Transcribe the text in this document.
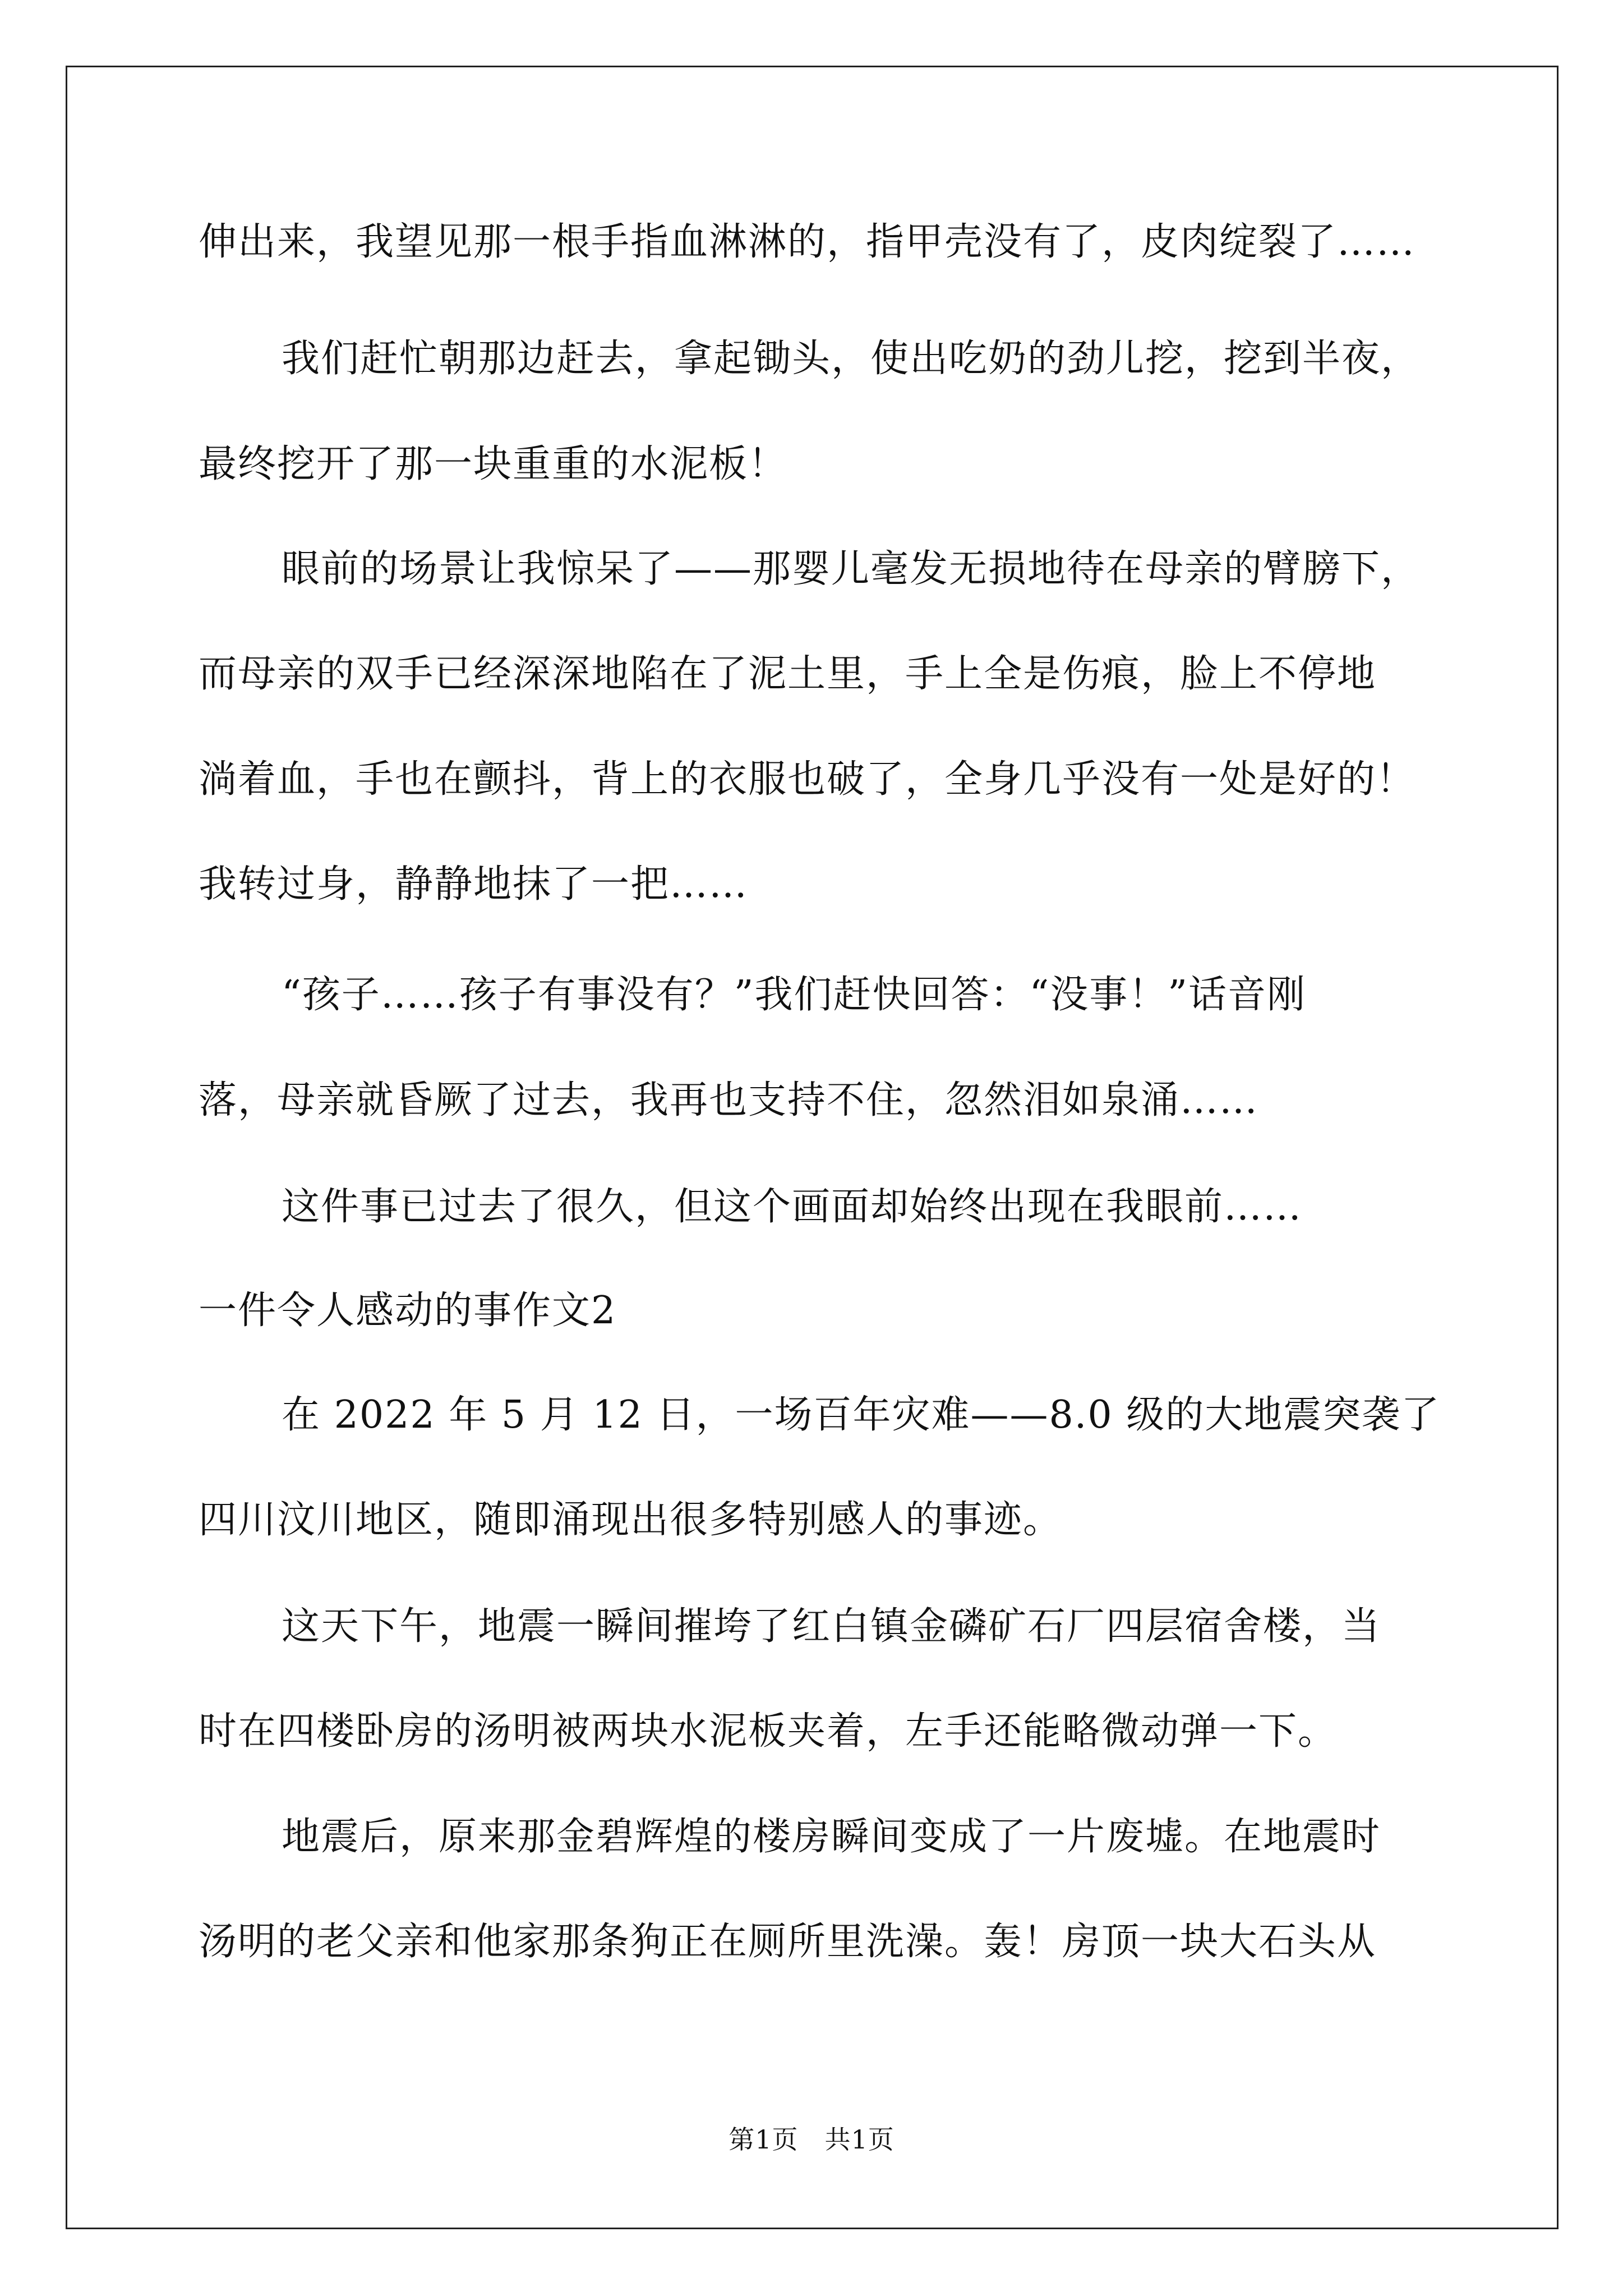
伸出来，我望见那一根手指血淋淋的，指甲壳没有了，皮肉绽裂了……
我们赶忙朝那边赶去，拿起锄头，使出吃奶的劲儿挖，挖到半夜，
最终挖开了那一块重重的水泥板！
眼前的场景让我惊呆了——那婴儿毫发无损地待在母亲的臂膀下，
而母亲的双手已经深深地陷在了泥土里，手上全是伤痕，脸上不停地
淌着血，手也在颤抖，背上的衣服也破了，全身几乎没有一处是好的！
我转过身，静静地抹了一把……
“孩子……孩子有事没有？”我们赶快回答：“没事！”话音刚
落，母亲就昏厥了过去，我再也支持不住，忽然泪如泉涌……
这件事已过去了很久，但这个画面却始终出现在我眼前……
一件令人感动的事作文2
在 2022 年 5 月 12 日，一场百年灾难——8.0 级的大地震突袭了
四川汶川地区，随即涌现出很多特别感人的事迹。
这天下午，地震一瞬间摧垮了红白镇金磷矿石厂四层宿舍楼，当
时在四楼卧房的汤明被两块水泥板夹着，左手还能略微动弹一下。
地震后，原来那金碧辉煌的楼房瞬间变成了一片废墟。在地震时
汤明的老父亲和他家那条狗正在厕所里洗澡。轰！房顶一块大石头从
第1页　共1页
